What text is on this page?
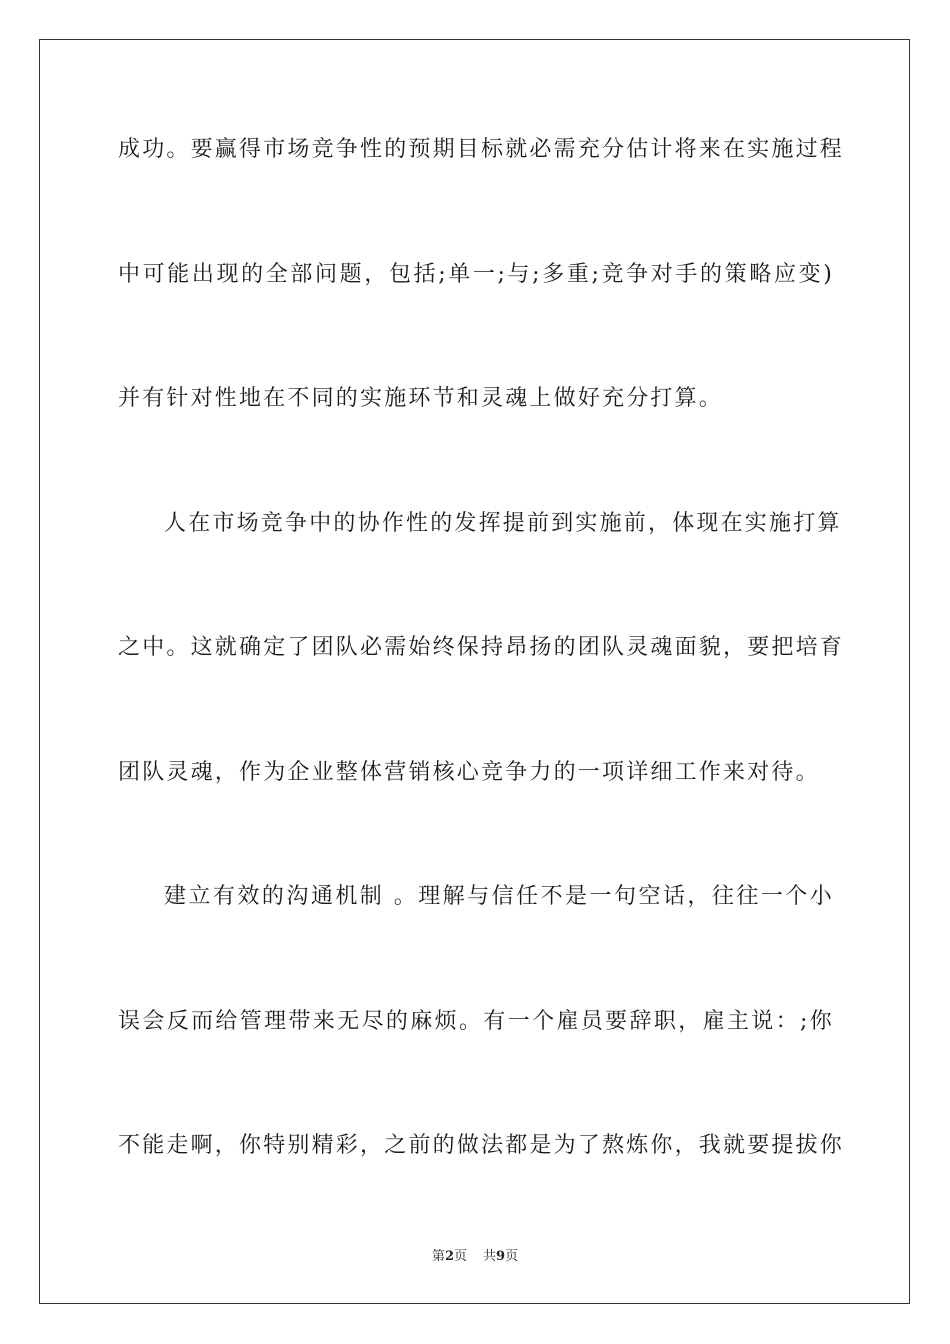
成功。要赢得市场竞争性的预期目标就必需充分估计将来在实施过程
中可能出现的全部问题，包括;单一;与;多重;竞争对手的策略应变)
并有针对性地在不同的实施环节和灵魂上做好充分打算。
人在市场竞争中的协作性的发挥提前到实施前，体现在实施打算
之中。这就确定了团队必需始终保持昂扬的团队灵魂面貌，要把培育
团队灵魂，作为企业整体营销核心竞争力的一项详细工作来对待。
建立有效的沟通机制 。理解与信任不是一句空话，往往一个小
误会反而给管理带来无尽的麻烦。有一个雇员要辞职，雇主说：;你
不能走啊，你特别精彩，之前的做法都是为了熬炼你，我就要提拔你
第2页 共9页
